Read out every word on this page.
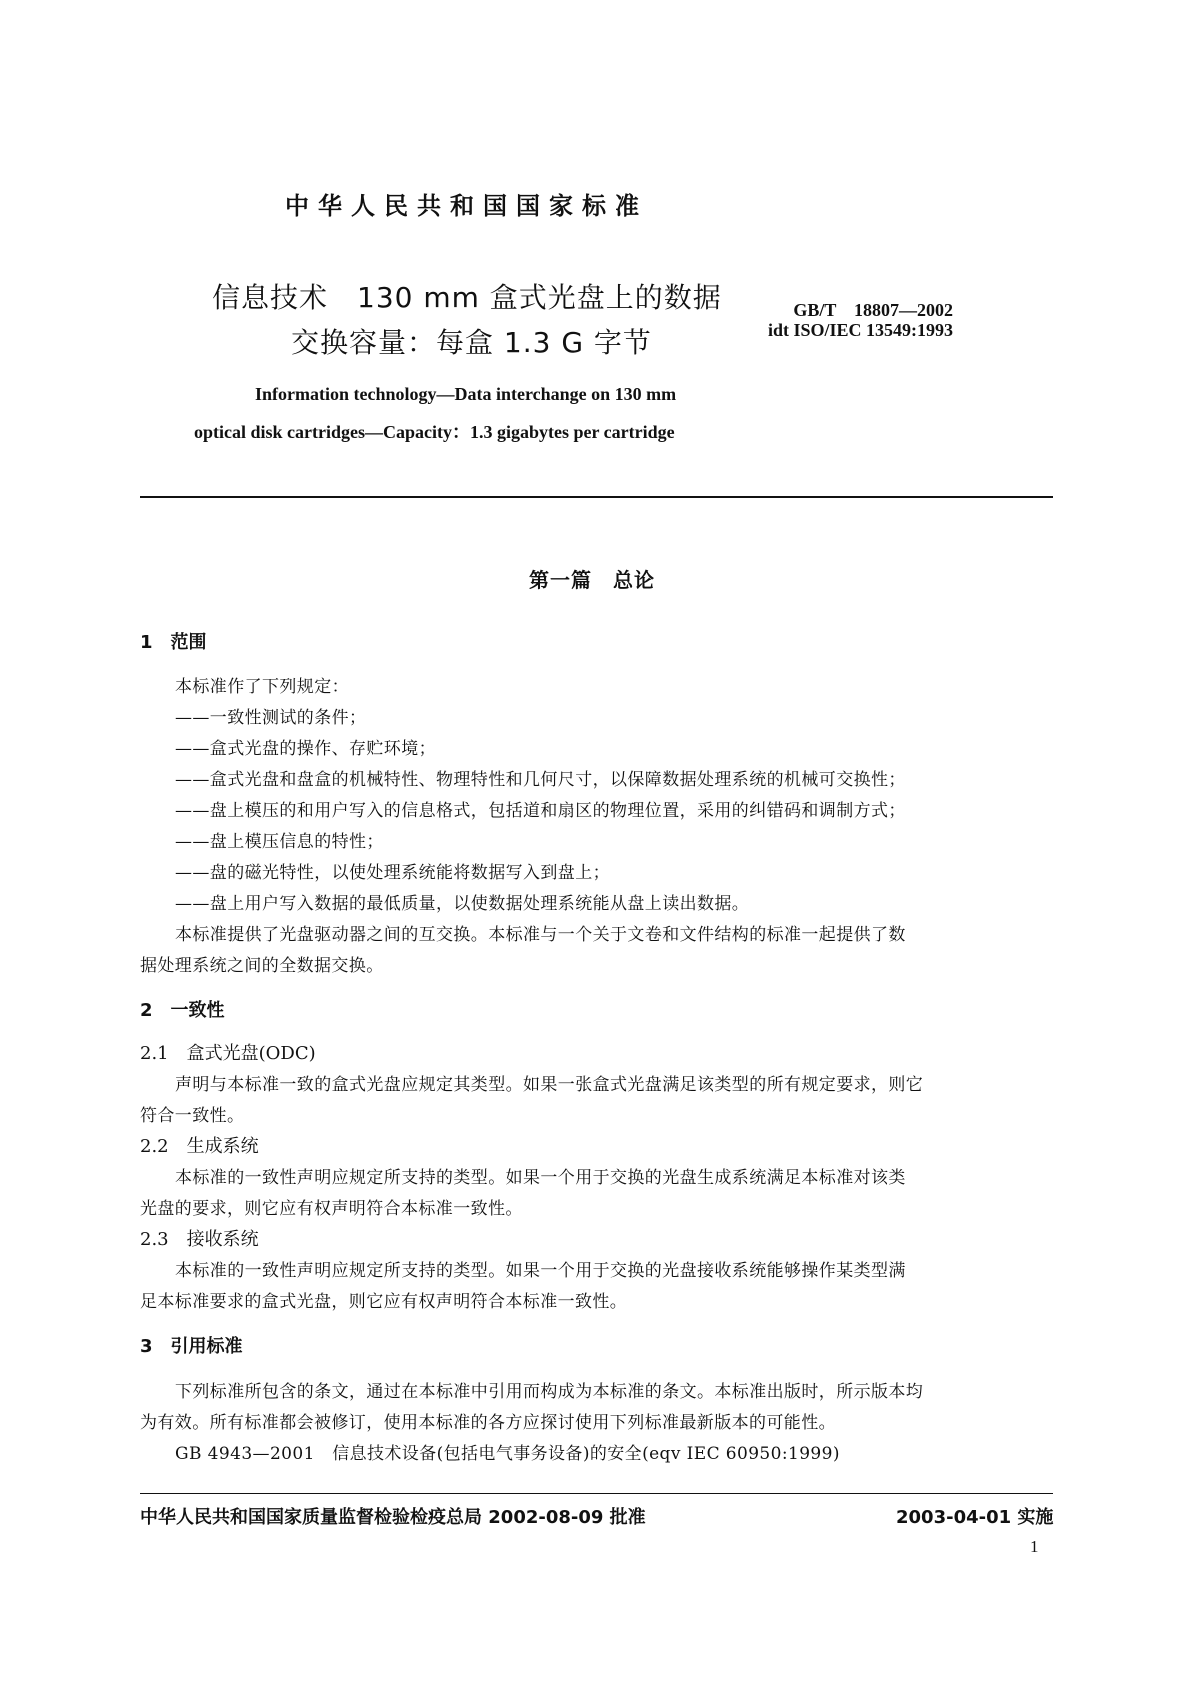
中华人民共和国国家标准
信息技术　130 mm 盒式光盘上的数据
交换容量：每盒 1.3 G 字节
GB/T　18807—2002
idt ISO/IEC 13549:1993
Information technology—Data interchange on 130 mm
optical disk cartridges—Capacity：1.3 gigabytes per cartridge
第一篇　总论
1　范围
本标准作了下列规定：
——一致性测试的条件；
——盒式光盘的操作、存贮环境；
——盒式光盘和盘盒的机械特性、物理特性和几何尺寸，以保障数据处理系统的机械可交换性；
——盘上模压的和用户写入的信息格式，包括道和扇区的物理位置，采用的纠错码和调制方式；
——盘上模压信息的特性；
——盘的磁光特性，以使处理系统能将数据写入到盘上；
——盘上用户写入数据的最低质量，以使数据处理系统能从盘上读出数据。
本标准提供了光盘驱动器之间的互交换。本标准与一个关于文卷和文件结构的标准一起提供了数
据处理系统之间的全数据交换。
2　一致性
2.1　盒式光盘(ODC)
声明与本标准一致的盒式光盘应规定其类型。如果一张盒式光盘满足该类型的所有规定要求，则它
符合一致性。
2.2　生成系统
本标准的一致性声明应规定所支持的类型。如果一个用于交换的光盘生成系统满足本标准对该类
光盘的要求，则它应有权声明符合本标准一致性。
2.3　接收系统
本标准的一致性声明应规定所支持的类型。如果一个用于交换的光盘接收系统能够操作某类型满
足本标准要求的盒式光盘，则它应有权声明符合本标准一致性。
3　引用标准
下列标准所包含的条文，通过在本标准中引用而构成为本标准的条文。本标准出版时，所示版本均
为有效。所有标准都会被修订，使用本标准的各方应探讨使用下列标准最新版本的可能性。
GB 4943—2001　信息技术设备(包括电气事务设备)的安全(eqv IEC 60950:1999)
中华人民共和国国家质量监督检验检疫总局 2002-08-09 批准	2003-04-01 实施
1
